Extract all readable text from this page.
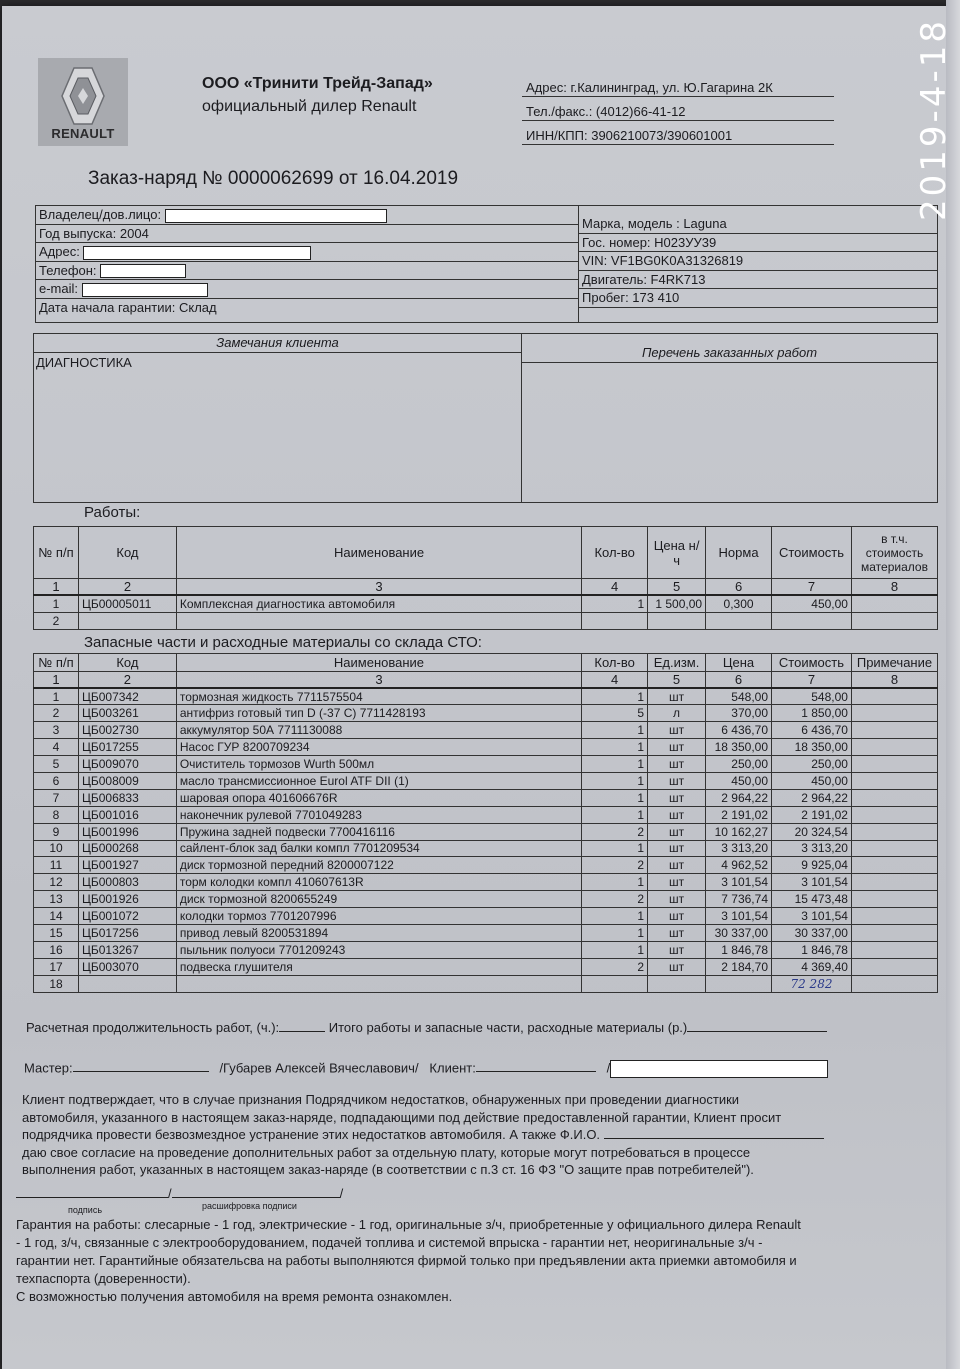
RENAULT
ООО «Тринити Трейд-Запад»
официальный дилер Renault
Адрес: г.Калининград, ул. Ю.Гагарина 2К
Тел./факс.: (4012)66-41-12
ИНН/КПП: 3906210073/390601001
Заказ-наряд № 0000062699 от 16.04.2019
Владелец/дов.лицо:
Год выпуска: 2004
Адрес:
Телефон:
e-mail:
Дата начала гарантии: Склад
Марка, модель : Laguna
Гос. номер: Н023УУ39
VIN: VF1BG0K0A31326819
Двигатель: F4RK713
Пробег: 173 410
Замечания клиента
ДИАГНОСТИКА
Перечень заказанных работ
Работы:
№ п/п	Код	Наименование	Кол-во	Цена н/ч	Норма	Стоимость	в т.ч. стоимость материалов
1	2	3	4	5	6	7	8
1	ЦБ00005011	Комплексная диагностика автомобиля	1	1 500,00	0,300	450,00	
2							
Запасные части и расходные материалы со склада СТО:
№ п/п	Код	Наименование	Кол-во	Ед.изм.	Цена	Стоимость	Примечание
1	2	3	4	5	6	7	8
1	ЦБ007342	тормозная жидкость 7711575504	1	шт	548,00	548,00	
2	ЦБ003261	антифриз готовый тип D (-37 С) 7711428193	5	л	370,00	1 850,00	
3	ЦБ002730	аккумулятор 50А 7711130088	1	шт	6 436,70	6 436,70	
4	ЦБ017255	Насос ГУР 8200709234	1	шт	18 350,00	18 350,00	
5	ЦБ009070	Очиститель тормозов Wurth 500мл	1	шт	250,00	250,00	
6	ЦБ008009	масло трансмиссионное Eurol ATF DII (1)	1	шт	450,00	450,00	
7	ЦБ006833	шаровая опора 401606676R	1	шт	2 964,22	2 964,22	
8	ЦБ001016	наконечник рулевой 7701049283	1	шт	2 191,02	2 191,02	
9	ЦБ001996	Пружина задней подвески 7700416116	2	шт	10 162,27	20 324,54	
10	ЦБ000268	сайлент-блок зад балки компл 7701209534	1	шт	3 313,20	3 313,20	
11	ЦБ001927	диск тормозной передний 8200007122	2	шт	4 962,52	9 925,04	
12	ЦБ000803	торм колодки компл 410607613R	1	шт	3 101,54	3 101,54	
13	ЦБ001926	диск тормозной 8200655249	2	шт	7 736,74	15 473,48	
14	ЦБ001072	колодки тормоз 7701207996	1	шт	3 101,54	3 101,54	
15	ЦБ017256	привод левый 8200531894	1	шт	30 337,00	30 337,00	
16	ЦБ013267	пыльник полуоси 7701209243	1	шт	1 846,78	1 846,78	
17	ЦБ003070	подвеска глушителя	2	шт	2 184,70	4 369,40	
18						72 282	
Расчетная продолжительность работ, (ч.):	Итого работы и запасные части, расходные материалы (р.)
Мастер:	/Губарев Алексей Вячеславович/ Клиент:	/
Клиент подтверждает, что в случае признания Подрядчиком недостатков, обнаруженных при проведении диагностики
автомобиля, указанного в настоящем заказ-наряде, подпадающими под действие предоставленной гарантии, Клиент просит
подрядчика провести безвозмездное устранение этих недостатков автомобиля. А также Ф.И.О.
даю свое согласие на проведение дополнительных работ за отдельную плату, которые могут потребоваться в процессе
выполнения работ, указанных в настоящем заказ-наряде (в соответствии с п.3 ст. 16 ФЗ "О защите прав потребителей").
/	/
подпись	расшифровка подписи
Гарантия на работы: слесарные - 1 год, электрические - 1 год, оригинальные з/ч, приобретенные у официального дилера Renault
- 1 год, з/ч, связанные с электрооборудованием, подачей топлива и системой впрыска - гарантии нет, неоригинальные з/ч -
гарантии нет. Гарантийные обязательсва на работы выполняются фирмой только при предъявлении акта приемки автомобиля и
техпаспорта (доверенности).
С возможностью получения автомобиля на время ремонта ознакомлен.
2019-4-18
